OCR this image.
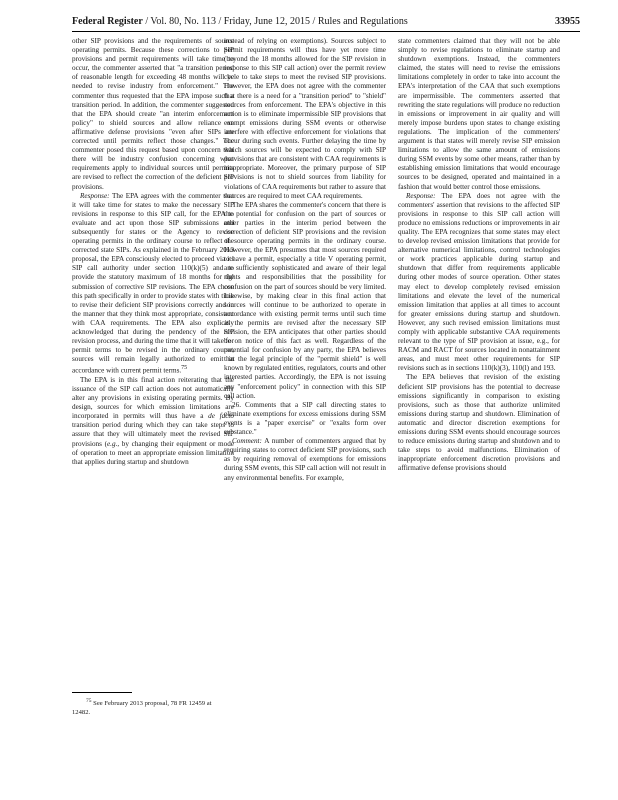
Federal Register / Vol. 80, No. 113 / Friday, June 12, 2015 / Rules and Regulations	33955

other SIP provisions and the requirements of source operating permits. Because these corrections to SIP provisions and permit requirements will take time to occur, the commenter asserted that "a transition period of reasonable length for exceeding 48 months will be needed to revise industry from enforcement." The commenter thus requested that the EPA impose such a transition period. In addition, the commenter suggested that the EPA should create "an interim enforcement policy" to shield sources and allow reliance on affirmative defense provisions "even after SIPs are corrected until permits reflect those changes." The commenter posed this request based upon concern that there will be industry confusion concerning what requirements apply to individual sources until permits are revised to reflect the correction of the deficient SIP provisions.

Response: The EPA agrees with the commenter that it will take time for states to make the necessary SIP revisions in response to this SIP call, for the EPA to evaluate and act upon those SIP submissions and subsequently for states or the Agency to revise operating permits in the ordinary course to reflect the corrected state SIPs. As explained in the February 2013 proposal, the EPA consciously elected to proceed via its SIP call authority under section 110(k)(5) and to provide the statutory maximum of 18 months for the submission of corrective SIP revisions. The EPA chose this path specifically in order to provide states with time to revise their deficient SIP provisions correctly and in the manner that they think most appropriate, consistent with CAA requirements. The EPA also explicitly acknowledged that during the pendency of the SIP revision process, and during the time that it will take for permit terms to be revised in the ordinary course, sources will remain legally authorized to emit in accordance with current permit terms.$^{75}$

The EPA is in this final action reiterating that the issuance of the SIP call action does not automatically alter any provisions in existing operating permits. By design, sources for which emission limitations are incorporated in permits will thus have a de facto transition period during which they can take steps to assure that they will ultimately meet the revised SIP provisions (e.g., by changing their equipment or mode of operation to meet an appropriate emission limitation that applies during startup and shutdown

instead of relying on exemptions). Sources subject to permit requirements will thus have yet more time (beyond the 18 months allowed for the SIP revision in response to this SIP call action) over the permit review cycle to take steps to meet the revised SIP provisions. However, the EPA does not agree with the commenter that there is a need for a "transition period" to "shield" sources from enforcement. The EPA's objective in this action is to eliminate impermissible SIP provisions that exempt emissions during SSM events or otherwise interfere with effective enforcement for violations that occur during such events. Further delaying the time by which sources will be expected to comply with SIP provisions that are consistent with CAA requirements is inappropriate. Moreover, the primary purpose of SIP provisions is not to shield sources from liability for violations of CAA requirements but rather to assure that sources are required to meet CAA requirements.

The EPA shares the commenter's concern that there is the potential for confusion on the part of sources or other parties in the interim period between the correction of deficient SIP provisions and the revision of source operating permits in the ordinary course. However, the EPA presumes that most sources required to have a permit, especially a title V operating permit, are sufficiently sophisticated and aware of their legal rights and responsibilities that the possibility for confusion on the part of sources should be very limited. Likewise, by making clear in this final action that sources will continue to be authorized to operate in accordance with existing permit terms until such time as the permits are revised after the necessary SIP revision, the EPA anticipates that other parties should be on notice of this fact as well. Regardless of the potential for confusion by any party, the EPA believes that the legal principle of the "permit shield" is well known by regulated entities, regulators, courts and other interested parties. Accordingly, the EPA is not issuing any "enforcement policy" in connection with this SIP call action.

26. Comments that a SIP call directing states to eliminate exemptions for excess emissions during SSM events is a "paper exercise" or "exalts form over substance."

Comment: A number of commenters argued that by requiring states to correct deficient SIP provisions, such as by requiring removal of exemptions for emissions during SSM events, this SIP call action will not result in any environmental benefits. For example,

state commenters claimed that they will not be able simply to revise regulations to eliminate startup and shutdown exemptions. Instead, the commenters claimed, the states will need to revise the emissions limitations completely in order to take into account the EPA's interpretation of the CAA that such exemptions are impermissible. The commenters asserted that rewriting the state regulations will produce no reduction in emissions or improvement in air quality and will merely impose burdens upon states to change existing regulations. The implication of the commenters' argument is that states will merely revise SIP emission limitations to allow the same amount of emissions during SSM events by some other means, rather than by establishing emission limitations that would encourage sources to be designed, operated and maintained in a fashion that would better control those emissions.

Response: The EPA does not agree with the commenters' assertion that revisions to the affected SIP provisions in response to this SIP call action will produce no emissions reductions or improvements in air quality. The EPA recognizes that some states may elect to develop revised emission limitations that provide for alternative numerical limitations, control technologies or work practices applicable during startup and shutdown that differ from requirements applicable during other modes of source operation. Other states may elect to develop completely revised emission limitations and elevate the level of the numerical emission limitation that applies at all times to account for greater emissions during startup and shutdown. However, any such revised emission limitations must comply with applicable substantive CAA requirements relevant to the type of SIP provision at issue, e.g., for RACM and RACT for sources located in nonattainment areas, and must meet other requirements for SIP revisions such as in sections 110(k)(3), 110(l) and 193.

The EPA believes that revision of the existing deficient SIP provisions has the potential to decrease emissions significantly in comparison to existing provisions, such as those that authorize unlimited emissions during startup and shutdown. Elimination of automatic and director discretion exemptions for emissions during SSM events should encourage sources to reduce emissions during startup and shutdown and to take steps to avoid malfunctions. Elimination of inappropriate enforcement discretion provisions and affirmative defense provisions should

$^{75}$ See February 2013 proposal, 78 FR 12459 at 12482.
